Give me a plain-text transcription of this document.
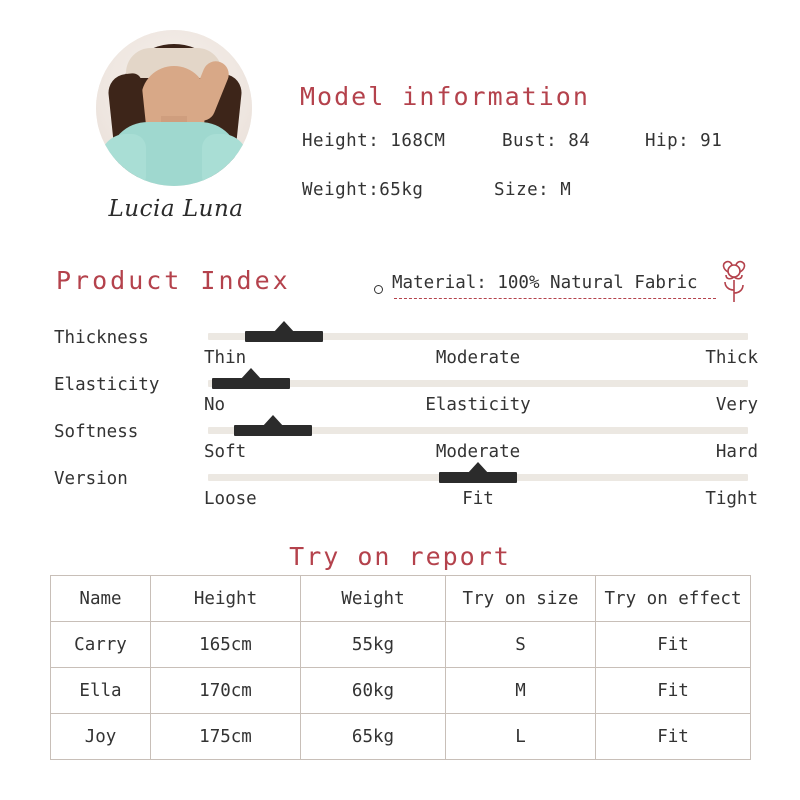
Lucia Luna
Model information
Height: 168CM	Bust: 84	Hip: 91
Weight:65kg	Size: M
Product Index	Material: 100% Natural Fabric
Thickness
Thin	Moderate	Thick
Elasticity
No	Elasticity	Very
Softness
Soft	Moderate	Hard
Version
Loose	Fit	Tight
Try on report
Name	Height	Weight	Try on size	Try on effect
Carry	165cm	55kg	S	Fit
Ella	170cm	60kg	M	Fit
Joy	175cm	65kg	L	Fit
